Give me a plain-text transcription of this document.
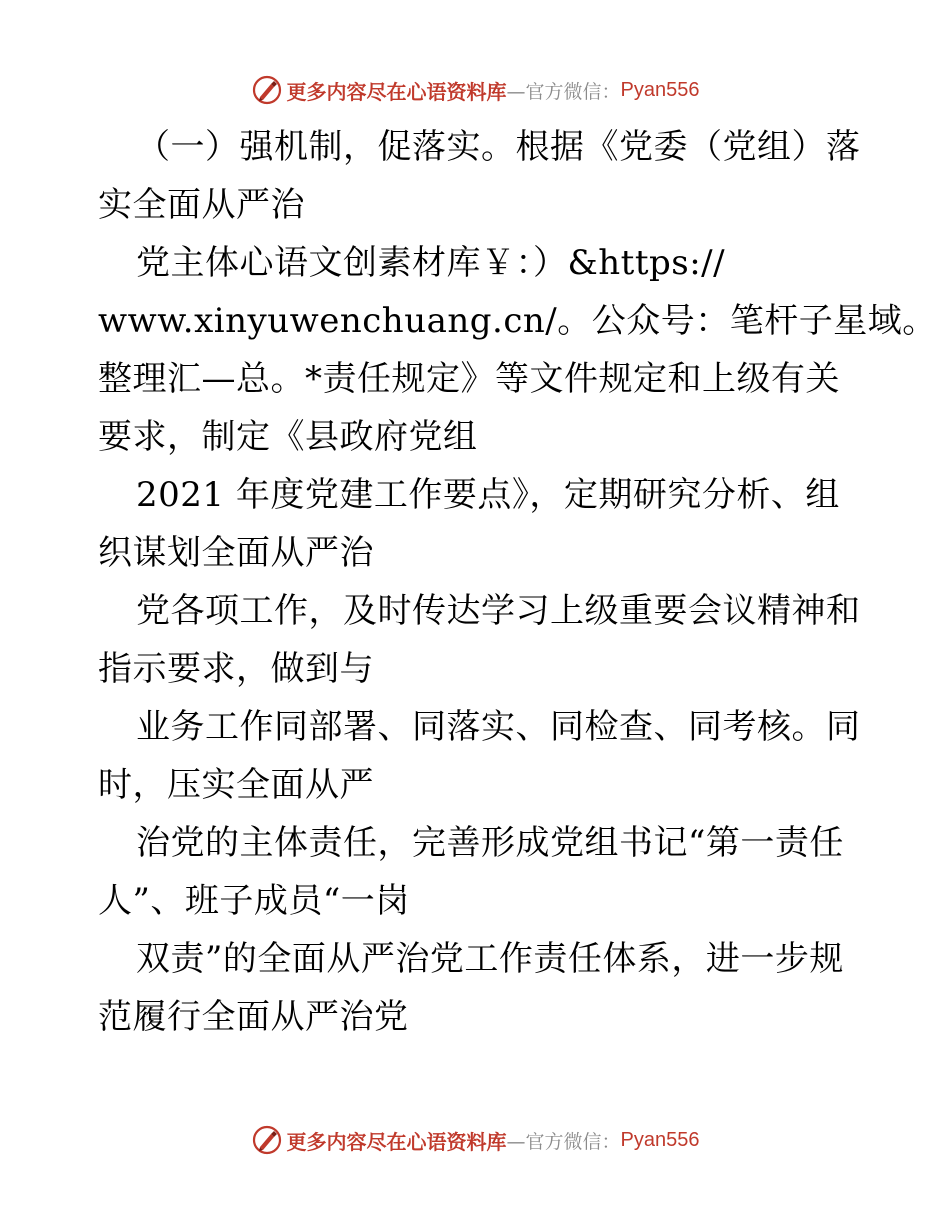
更多内容尽在心语资料库 —官方微信： Pyan556
（一）强机制，促落实。根据《党委（党组）落
实全面从严治
党主体心语文创素材库￥：）&https://
www.xinyuwenchuang.cn/。公众号：笔杆子星域。
整理汇—总。*责任规定》等文件规定和上级有关
要求，制定《县政府党组
2021 年度党建工作要点》，定期研究分析、组
织谋划全面从严治
党各项工作，及时传达学习上级重要会议精神和
指示要求，做到与
业务工作同部署、同落实、同检查、同考核。同
时，压实全面从严
治党的主体责任，完善形成党组书记“第一责任
人”、班子成员“一岗
双责”的全面从严治党工作责任体系，进一步规
范履行全面从严治党
更多内容尽在心语资料库 —官方微信： Pyan556
